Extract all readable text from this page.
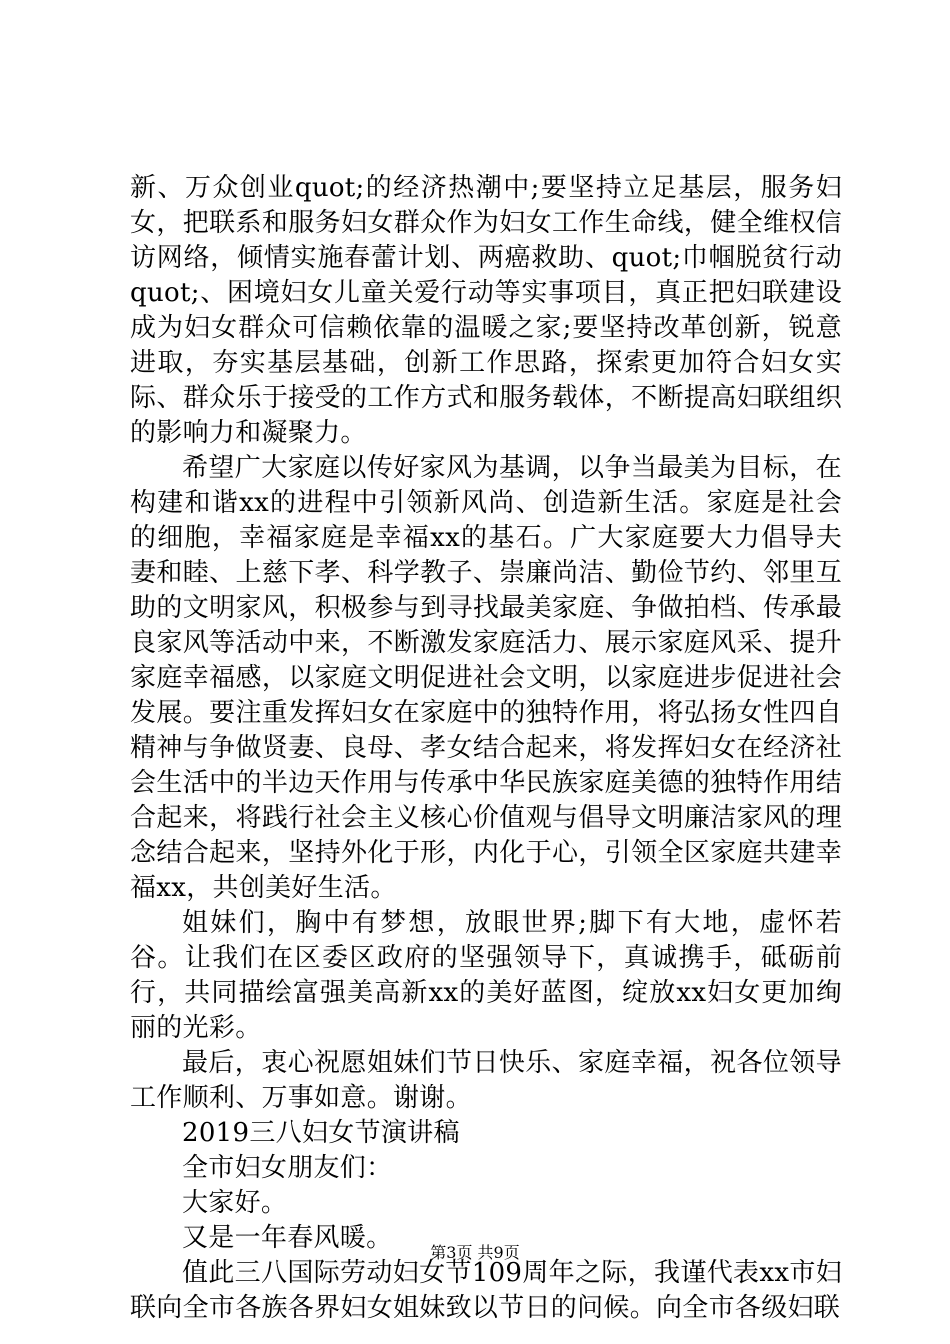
新、万众创业quot;的经济热潮中;要坚持立足基层，服务妇女，把联系和服务妇女群众作为妇女工作生命线，健全维权信访网络，倾情实施春蕾计划、两癌救助、quot;巾帼脱贫行动quot;、困境妇女儿童关爱行动等实事项目，真正把妇联建设成为妇女群众可信赖依靠的温暖之家;要坚持改革创新，锐意进取，夯实基层基础，创新工作思路，探索更加符合妇女实际、群众乐于接受的工作方式和服务载体，不断提高妇联组织的影响力和凝聚力。

希望广大家庭以传好家风为基调，以争当最美为目标，在构建和谐xx的进程中引领新风尚、创造新生活。家庭是社会的细胞，幸福家庭是幸福xx的基石。广大家庭要大力倡导夫妻和睦、上慈下孝、科学教子、崇廉尚洁、勤俭节约、邻里互助的文明家风，积极参与到寻找最美家庭、争做拍档、传承最良家风等活动中来，不断激发家庭活力、展示家庭风采、提升家庭幸福感，以家庭文明促进社会文明，以家庭进步促进社会发展。要注重发挥妇女在家庭中的独特作用，将弘扬女性四自精神与争做贤妻、良母、孝女结合起来，将发挥妇女在经济社会生活中的半边天作用与传承中华民族家庭美德的独特作用结合起来，将践行社会主义核心价值观与倡导文明廉洁家风的理念结合起来，坚持外化于形，内化于心，引领全区家庭共建幸福xx，共创美好生活。

姐妹们，胸中有梦想，放眼世界;脚下有大地，虚怀若谷。让我们在区委区政府的坚强领导下，真诚携手，砥砺前行，共同描绘富强美高新xx的美好蓝图，绽放xx妇女更加绚丽的光彩。

最后，衷心祝愿姐妹们节日快乐、家庭幸福，祝各位领导工作顺利、万事如意。谢谢。

2019三八妇女节演讲稿

全市妇女朋友们：

大家好。

又是一年春风暖。

值此三八国际劳动妇女节109周年之际，我谨代表xx市妇联向全市各族各界妇女姐妹致以节日的问候。向全市各级妇联

第3页 共9页
